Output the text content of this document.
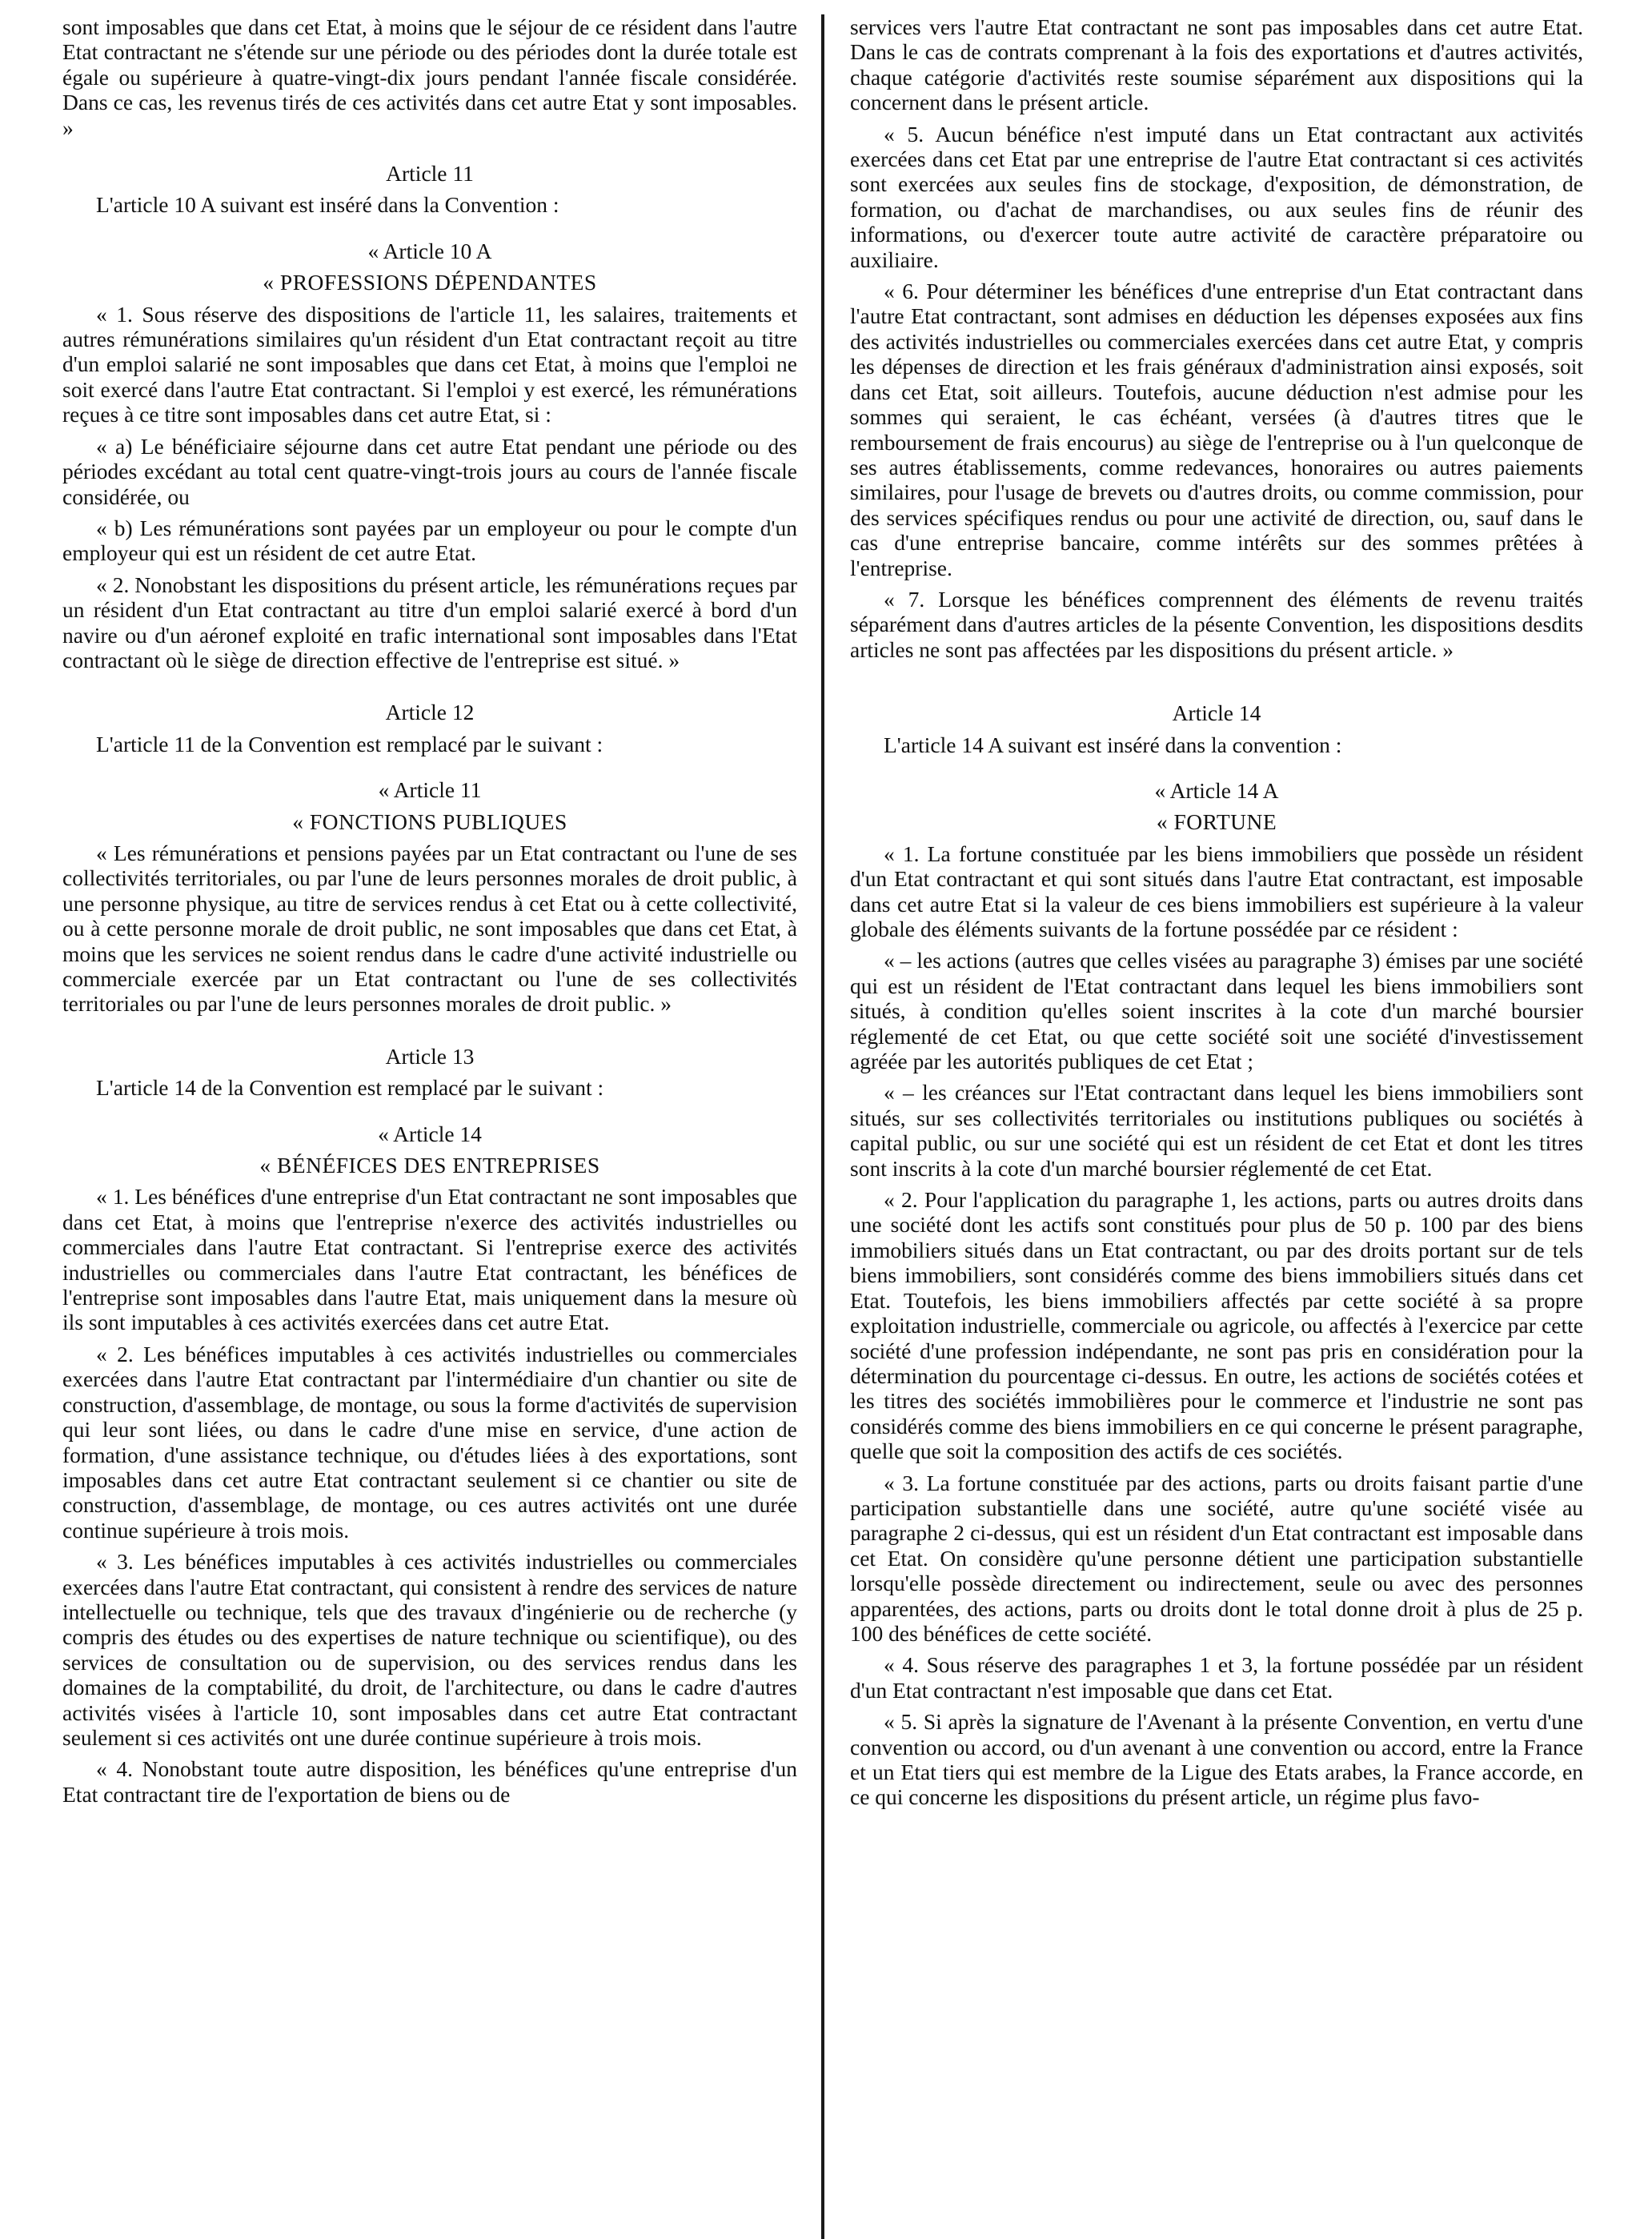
sont imposables que dans cet Etat, à moins que le séjour de ce résident dans l'autre Etat contractant ne s'étende sur une période ou des périodes dont la durée totale est égale ou supérieure à quatre-vingt-dix jours pendant l'année fiscale considérée. Dans ce cas, les revenus tirés de ces activités dans cet autre Etat y sont imposables. »

Article 11

L'article 10 A suivant est inséré dans la Convention :

« Article 10 A
« PROFESSIONS DÉPENDANTES

« 1. Sous réserve des dispositions de l'article 11, les salaires, traitements et autres rémunérations similaires qu'un résident d'un Etat contractant reçoit au titre d'un emploi salarié ne sont imposables que dans cet Etat, à moins que l'emploi ne soit exercé dans l'autre Etat contractant. Si l'emploi y est exercé, les rémunérations reçues à ce titre sont imposables dans cet autre Etat, si :

« a) Le bénéficiaire séjourne dans cet autre Etat pendant une période ou des périodes excédant au total cent quatre-vingt-trois jours au cours de l'année fiscale considérée, ou

« b) Les rémunérations sont payées par un employeur ou pour le compte d'un employeur qui est un résident de cet autre Etat.

« 2. Nonobstant les dispositions du présent article, les rémunérations reçues par un résident d'un Etat contractant au titre d'un emploi salarié exercé à bord d'un navire ou d'un aéronef exploité en trafic international sont imposables dans l'Etat contractant où le siège de direction effective de l'entreprise est situé. »

Article 12

L'article 11 de la Convention est remplacé par le suivant :

« Article 11
« FONCTIONS PUBLIQUES

« Les rémunérations et pensions payées par un Etat contractant ou l'une de ses collectivités territoriales, ou par l'une de leurs personnes morales de droit public, à une personne physique, au titre de services rendus à cet Etat ou à cette collectivité, ou à cette personne morale de droit public, ne sont imposables que dans cet Etat, à moins que les services ne soient rendus dans le cadre d'une activité industrielle ou commerciale exercée par un Etat contractant ou l'une de ses collectivités territoriales ou par l'une de leurs personnes morales de droit public. »

Article 13

L'article 14 de la Convention est remplacé par le suivant :

« Article 14
« BÉNÉFICES DES ENTREPRISES

« 1. Les bénéfices d'une entreprise d'un Etat contractant ne sont imposables que dans cet Etat, à moins que l'entreprise n'exerce des activités industrielles ou commerciales dans l'autre Etat contractant. Si l'entreprise exerce des activités industrielles ou commerciales dans l'autre Etat contractant, les bénéfices de l'entreprise sont imposables dans l'autre Etat, mais uniquement dans la mesure où ils sont imputables à ces activités exercées dans cet autre Etat.

« 2. Les bénéfices imputables à ces activités industrielles ou commerciales exercées dans l'autre Etat contractant par l'intermédiaire d'un chantier ou site de construction, d'assemblage, de montage, ou sous la forme d'activités de supervision qui leur sont liées, ou dans le cadre d'une mise en service, d'une action de formation, d'une assistance technique, ou d'études liées à des exportations, sont imposables dans cet autre Etat contractant seulement si ce chantier ou site de construction, d'assemblage, de montage, ou ces autres activités ont une durée continue supérieure à trois mois.

« 3. Les bénéfices imputables à ces activités industrielles ou commerciales exercées dans l'autre Etat contractant, qui consistent à rendre des services de nature intellectuelle ou technique, tels que des travaux d'ingénierie ou de recherche (y compris des études ou des expertises de nature technique ou scientifique), ou des services de consultation ou de supervision, ou des services rendus dans les domaines de la comptabilité, du droit, de l'architecture, ou dans le cadre d'autres activités visées à l'article 10, sont imposables dans cet autre Etat contractant seulement si ces activités ont une durée continue supérieure à trois mois.

« 4. Nonobstant toute autre disposition, les bénéfices qu'une entreprise d'un Etat contractant tire de l'exportation de biens ou de

services vers l'autre Etat contractant ne sont pas imposables dans cet autre Etat. Dans le cas de contrats comprenant à la fois des exportations et d'autres activités, chaque catégorie d'activités reste soumise séparément aux dispositions qui la concernent dans le présent article.

« 5. Aucun bénéfice n'est imputé dans un Etat contractant aux activités exercées dans cet Etat par une entreprise de l'autre Etat contractant si ces activités sont exercées aux seules fins de stockage, d'exposition, de démonstration, de formation, ou d'achat de marchandises, ou aux seules fins de réunir des informations, ou d'exercer toute autre activité de caractère préparatoire ou auxiliaire.

« 6. Pour déterminer les bénéfices d'une entreprise d'un Etat contractant dans l'autre Etat contractant, sont admises en déduction les dépenses exposées aux fins des activités industrielles ou commerciales exercées dans cet autre Etat, y compris les dépenses de direction et les frais généraux d'administration ainsi exposés, soit dans cet Etat, soit ailleurs. Toutefois, aucune déduction n'est admise pour les sommes qui seraient, le cas échéant, versées (à d'autres titres que le remboursement de frais encourus) au siège de l'entreprise ou à l'un quelconque de ses autres établissements, comme redevances, honoraires ou autres paiements similaires, pour l'usage de brevets ou d'autres droits, ou comme commission, pour des services spécifiques rendus ou pour une activité de direction, ou, sauf dans le cas d'une entreprise bancaire, comme intérêts sur des sommes prêtées à l'entreprise.

« 7. Lorsque les bénéfices comprennent des éléments de revenu traités séparément dans d'autres articles de la pésente Convention, les dispositions desdits articles ne sont pas affectées par les dispositions du présent article. »

Article 14

L'article 14 A suivant est inséré dans la convention :

« Article 14 A
« FORTUNE

« 1. La fortune constituée par les biens immobiliers que possède un résident d'un Etat contractant et qui sont situés dans l'autre Etat contractant, est imposable dans cet autre Etat si la valeur de ces biens immobiliers est supérieure à la valeur globale des éléments suivants de la fortune possédée par ce résident :

« – les actions (autres que celles visées au paragraphe 3) émises par une société qui est un résident de l'Etat contractant dans lequel les biens immobiliers sont situés, à condition qu'elles soient inscrites à la cote d'un marché boursier réglementé de cet Etat, ou que cette société soit une société d'investissement agréée par les autorités publiques de cet Etat ;

« – les créances sur l'Etat contractant dans lequel les biens immobiliers sont situés, sur ses collectivités territoriales ou institutions publiques ou sociétés à capital public, ou sur une société qui est un résident de cet Etat et dont les titres sont inscrits à la cote d'un marché boursier réglementé de cet Etat.

« 2. Pour l'application du paragraphe 1, les actions, parts ou autres droits dans une société dont les actifs sont constitués pour plus de 50 p. 100 par des biens immobiliers situés dans un Etat contractant, ou par des droits portant sur de tels biens immobiliers, sont considérés comme des biens immobiliers situés dans cet Etat. Toutefois, les biens immobiliers affectés par cette société à sa propre exploitation industrielle, commerciale ou agricole, ou affectés à l'exercice par cette société d'une profession indépendante, ne sont pas pris en considération pour la détermination du pourcentage ci-dessus. En outre, les actions de sociétés cotées et les titres des sociétés immobilières pour le commerce et l'industrie ne sont pas considérés comme des biens immobiliers en ce qui concerne le présent paragraphe, quelle que soit la composition des actifs de ces sociétés.

« 3. La fortune constituée par des actions, parts ou droits faisant partie d'une participation substantielle dans une société, autre qu'une société visée au paragraphe 2 ci-dessus, qui est un résident d'un Etat contractant est imposable dans cet Etat. On considère qu'une personne détient une participation substantielle lorsqu'elle possède directement ou indirectement, seule ou avec des personnes apparentées, des actions, parts ou droits dont le total donne droit à plus de 25 p. 100 des bénéfices de cette société.

« 4. Sous réserve des paragraphes 1 et 3, la fortune possédée par un résident d'un Etat contractant n'est imposable que dans cet Etat.

« 5. Si après la signature de l'Avenant à la présente Convention, en vertu d'une convention ou accord, ou d'un avenant à une convention ou accord, entre la France et un Etat tiers qui est membre de la Ligue des Etats arabes, la France accorde, en ce qui concerne les dispositions du présent article, un régime plus favo-
